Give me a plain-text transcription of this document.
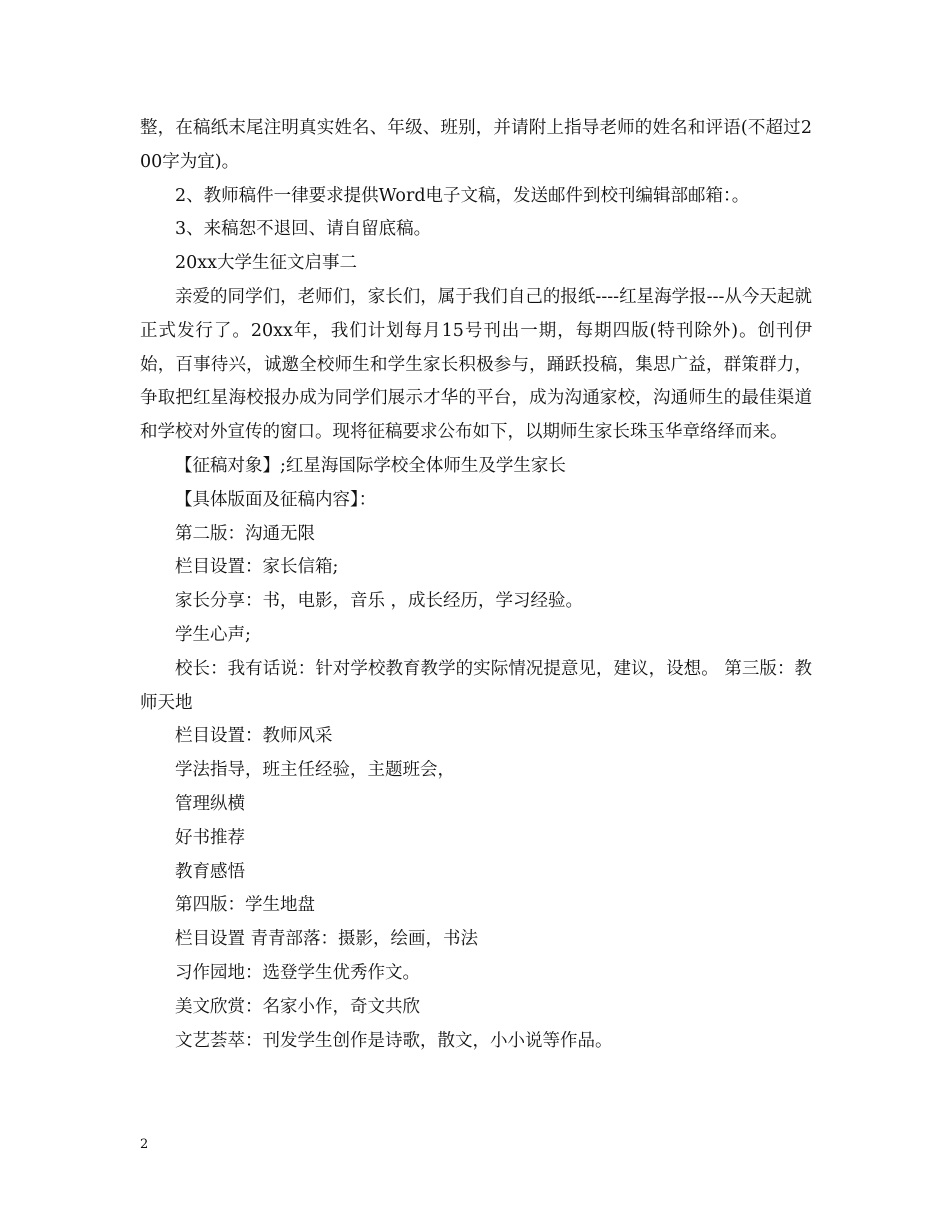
整，在稿纸末尾注明真实姓名、年级、班别，并请附上指导老师的姓名和评语(不超过200字为宜)。

2、教师稿件一律要求提供Word电子文稿，发送邮件到校刊编辑部邮箱：。

3、来稿恕不退回、请自留底稿。

20xx大学生征文启事二

亲爱的同学们，老师们，家长们，属于我们自己的报纸----红星海学报---从今天起就正式发行了。20xx年，我们计划每月15号刊出一期，每期四版(特刊除外)。创刊伊始，百事待兴，诚邀全校师生和学生家长积极参与，踊跃投稿，集思广益，群策群力，争取把红星海校报办成为同学们展示才华的平台，成为沟通家校，沟通师生的最佳渠道和学校对外宣传的窗口。现将征稿要求公布如下，以期师生家长珠玉华章络绎而来。

【征稿对象】;红星海国际学校全体师生及学生家长

【具体版面及征稿内容】：

第二版：沟通无限

栏目设置：家长信箱;

家长分享：书，电影，音乐 ，成长经历，学习经验。

学生心声;

校长：我有话说：针对学校教育教学的实际情况提意见，建议，设想。 第三版：教师天地

栏目设置：教师风采

学法指导，班主任经验，主题班会，

管理纵横

好书推荐

教育感悟

第四版：学生地盘

栏目设置 青青部落：摄影，绘画，书法

习作园地：选登学生优秀作文。

美文欣赏：名家小作，奇文共欣

文艺荟萃：刊发学生创作是诗歌，散文，小小说等作品。

2
